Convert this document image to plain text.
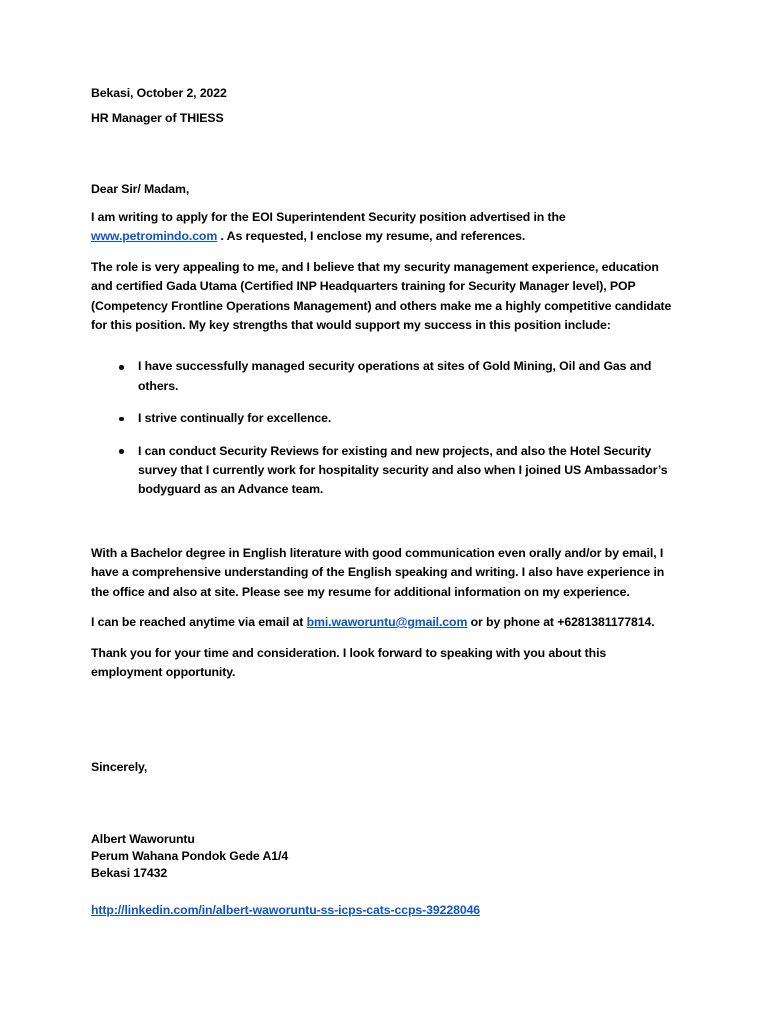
Bekasi, October 2, 2022
HR Manager of THIESS
Dear Sir/ Madam,
I am writing to apply for the EOI Superintendent Security position advertised in the www.petromindo.com . As requested, I enclose my resume, and references.
The role is very appealing to me, and I believe that my security management experience, education and certified Gada Utama (Certified INP Headquarters training for Security Manager level), POP (Competency Frontline Operations Management) and others make me a highly competitive candidate for this position. My key strengths that would support my success in this position include:
I have successfully managed security operations at sites of Gold Mining, Oil and Gas and others.
I strive continually for excellence.
I can conduct Security Reviews for existing and new projects, and also the Hotel Security survey that I currently work for hospitality security and also when I joined US Ambassador’s bodyguard as an Advance team.
With a Bachelor degree in English literature with good communication even orally and/or by email, I have a comprehensive understanding of the English speaking and writing. I also have experience in the office and also at site. Please see my resume for additional information on my experience.
I can be reached anytime via email at bmi.waworuntu@gmail.com or by phone at +6281381177814.
Thank you for your time and consideration. I look forward to speaking with you about this employment opportunity.
Sincerely,
Albert Waworuntu
Perum Wahana Pondok Gede A1/4
Bekasi 17432
http://linkedin.com/in/albert-waworuntu-ss-icps-cats-ccps-39228046
